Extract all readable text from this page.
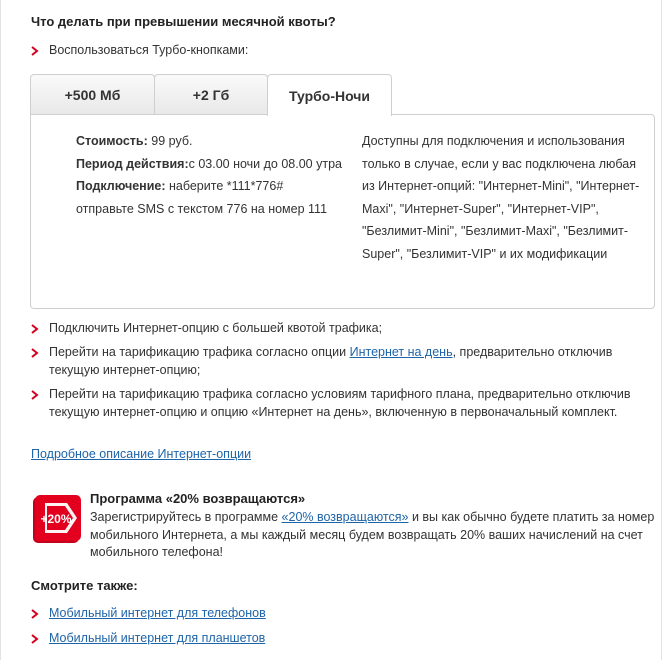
Что делать при превышении месячной квоты?
Воспользоваться Турбо-кнопками:
+500 Мб	+2 Гб	Турбо-Ночи
Стоимость: 99 руб.
Период действия:с 03.00 ночи до 08.00 утра
Подключение: наберите *111*776#
отправьте SMS с текстом 776 на номер 111
Доступны для подключения и использования только в случае, если у вас подключена любая из Интернет-опций: "Интернет-Mini", "Интернет-Maxi", "Интернет-Super", "Интернет-VIP", "Безлимит-Mini", "Безлимит-Maxi", "Безлимит-Super", "Безлимит-VIP" и их модификации
Подключить Интернет-опцию с большей квотой трафика;
Перейти на тарификацию трафика согласно опции Интернет на день, предварительно отключив текущую интернет-опцию;
Перейти на тарификацию трафика согласно условиям тарифного плана, предварительно отключив текущую интернет-опцию и опцию «Интернет на день», включенную в первоначальный комплект.
Подробное описание Интернет-опции
+20%
Программа «20% возвращаются»
Зарегистрируйтесь в программе «20% возвращаются» и вы как обычно будете платить за номер мобильного Интернета, а мы каждый месяц будем возвращать 20% ваших начислений на счет мобильного телефона!
Смотрите также:
Мобильный интернет для телефонов
Мобильный интернет для планшетов
